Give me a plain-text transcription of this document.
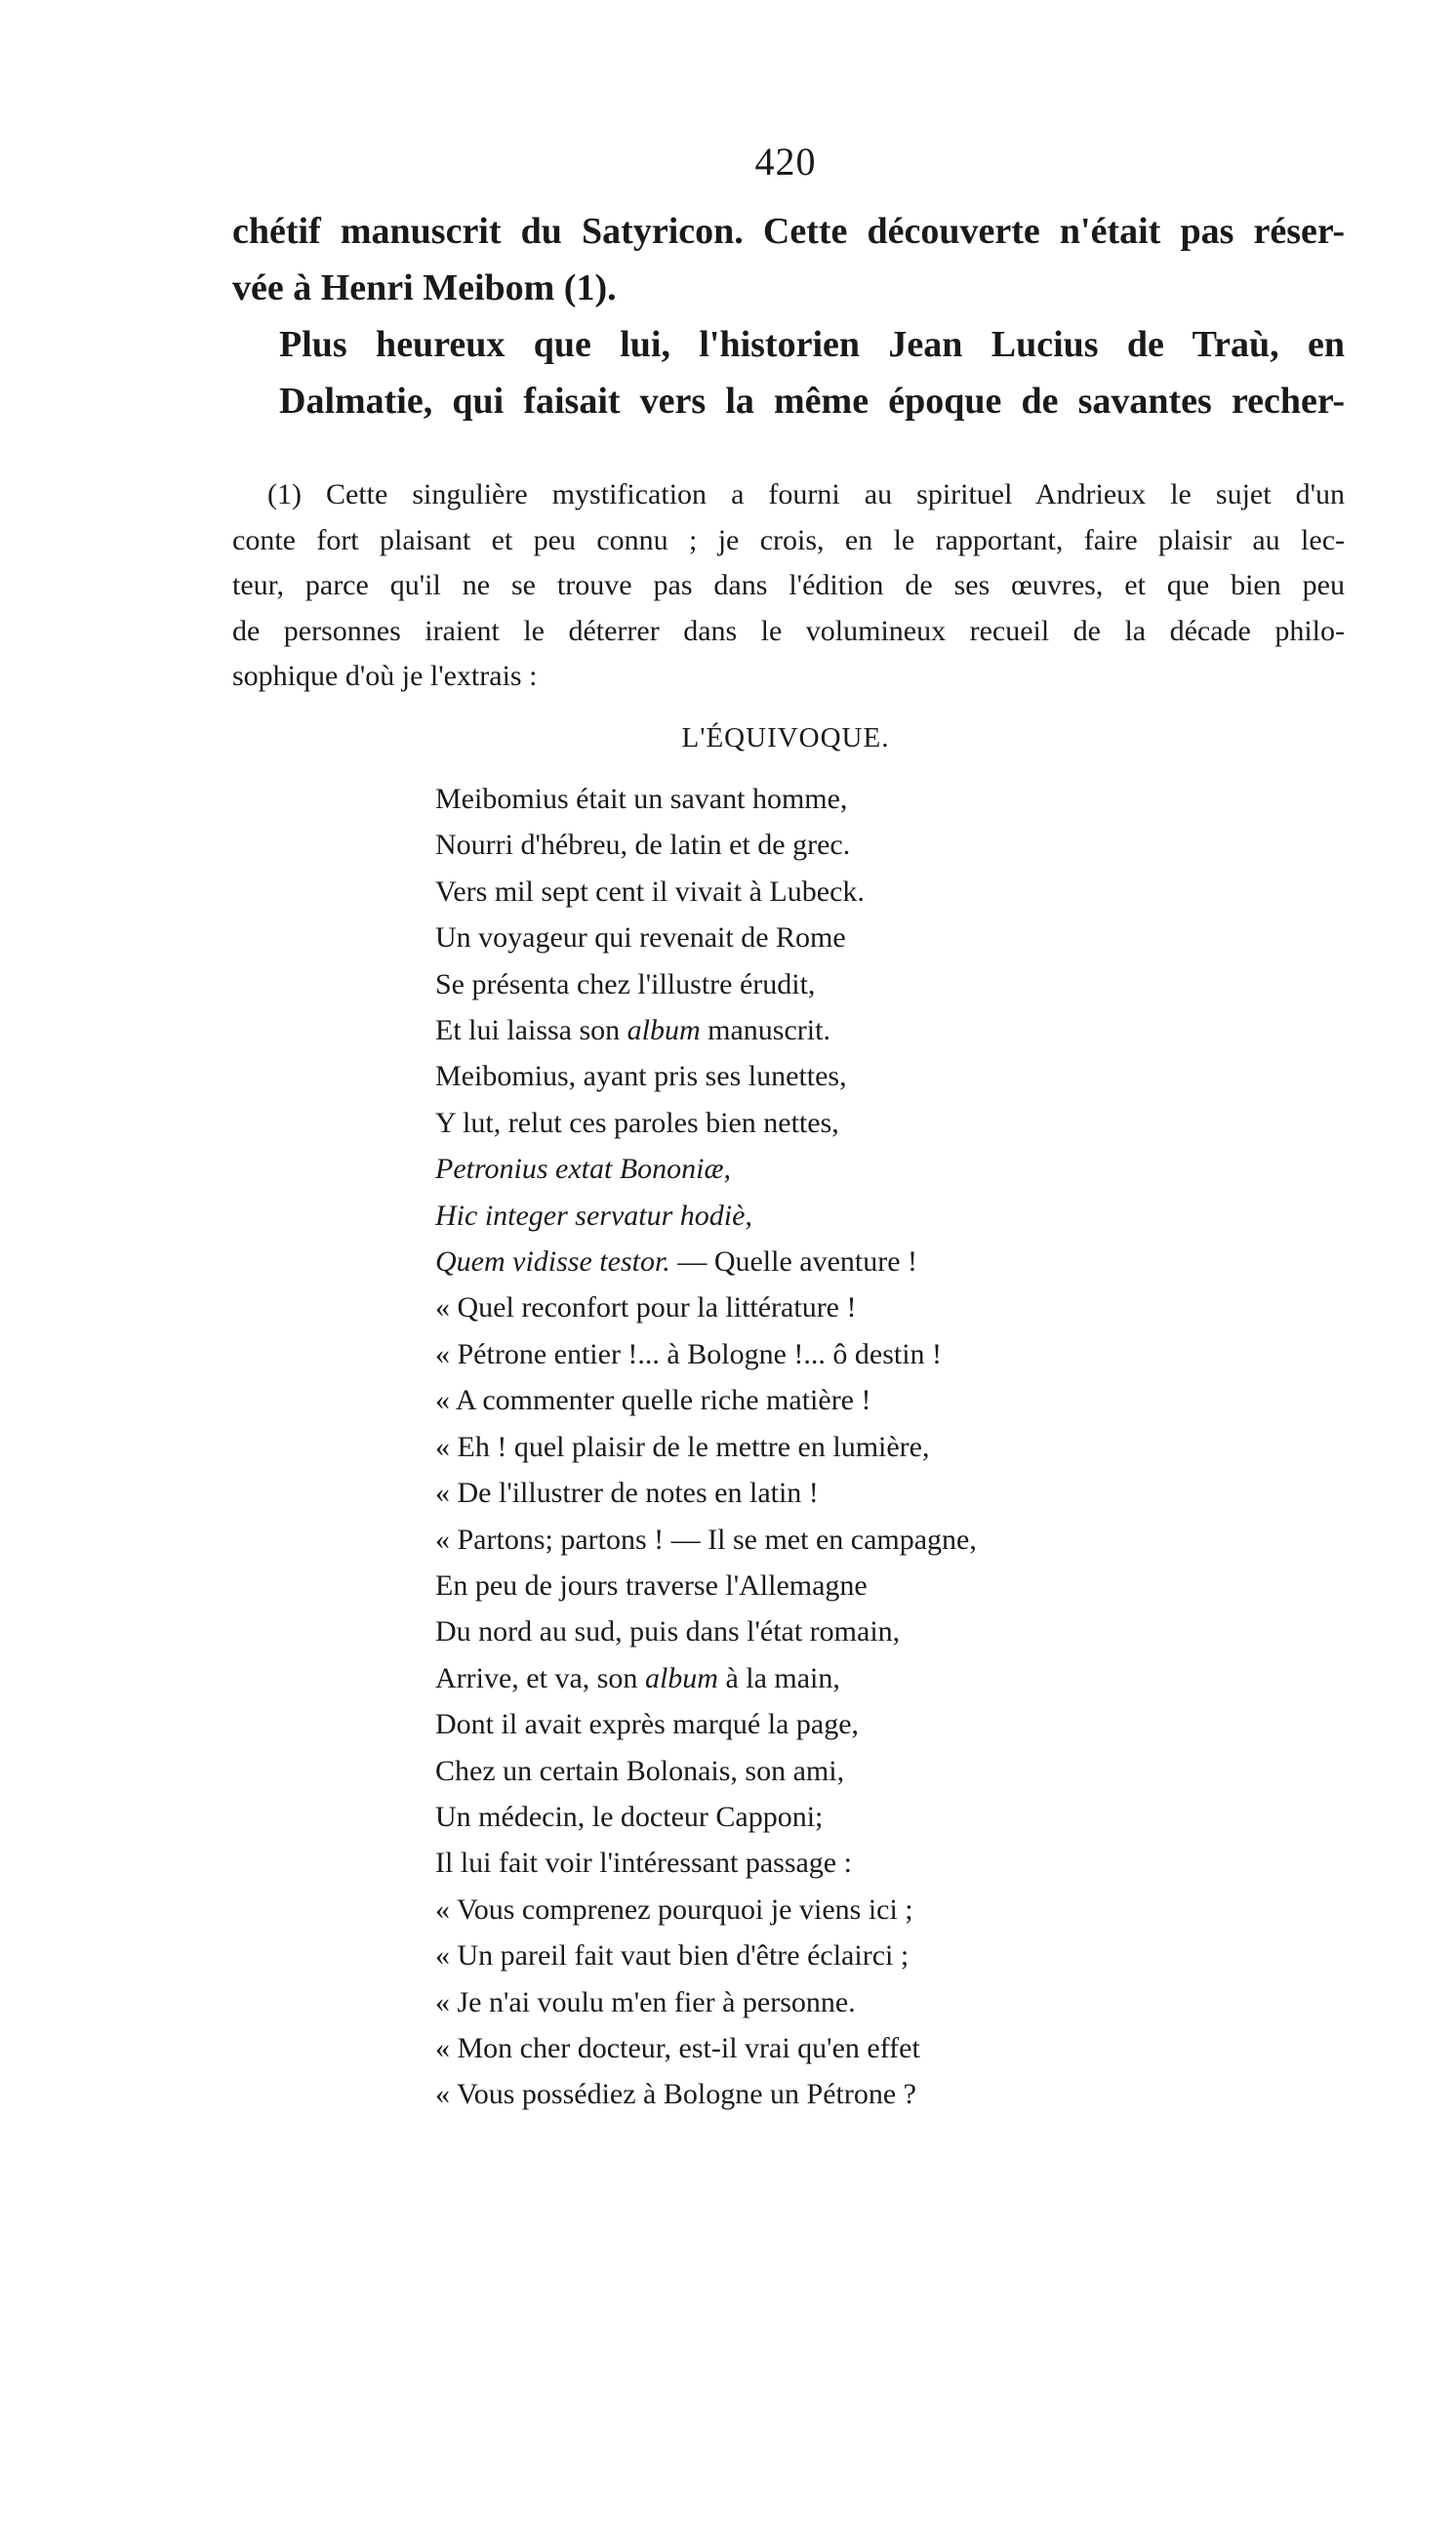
420

chétif manuscrit du Satyricon. Cette découverte n'était pas réser-
vée à Henri Meibom (1).

Plus heureux que lui, l'historien Jean Lucius de Traù, en
Dalmatie, qui faisait vers la même époque de savantes recher-

(1) Cette singulière mystification a fourni au spirituel Andrieux le sujet d'un
conte fort plaisant et peu connu ; je crois, en le rapportant, faire plaisir au lec-
teur, parce qu'il ne se trouve pas dans l'édition de ses œuvres, et que bien peu
de personnes iraient le déterrer dans le volumineux recueil de la décade philo-
sophique d'où je l'extrais :
L'ÉQUIVOQUE.
Meibomius était un savant homme,
Nourri d'hébreu, de latin et de grec.
Vers mil sept cent il vivait à Lubeck.
Un voyageur qui revenait de Rome
Se présenta chez l'illustre érudit,
Et lui laissa son album manuscrit.
Meibomius, ayant pris ses lunettes,
Y lut, relut ces paroles bien nettes,
Petronius extat Bononiæ,
Hic integer servatur hodiè,
Quem vidisse testor. — Quelle aventure !
« Quel reconfort pour la littérature !
« Pétrone entier !... à Bologne !... ô destin !
« A commenter quelle riche matière !
« Eh ! quel plaisir de le mettre en lumière,
« De l'illustrer de notes en latin !
« Partons; partons ! — Il se met en campagne,
En peu de jours traverse l'Allemagne
Du nord au sud, puis dans l'état romain,
Arrive, et va, son album à la main,
Dont il avait exprès marqué la page,
Chez un certain Bolonais, son ami,
Un médecin, le docteur Capponi;
Il lui fait voir l'intéressant passage :
« Vous comprenez pourquoi je viens ici ;
« Un pareil fait vaut bien d'être éclairci ;
« Je n'ai voulu m'en fier à personne.
« Mon cher docteur, est-il vrai qu'en effet
« Vous possédiez à Bologne un Pétrone ?
